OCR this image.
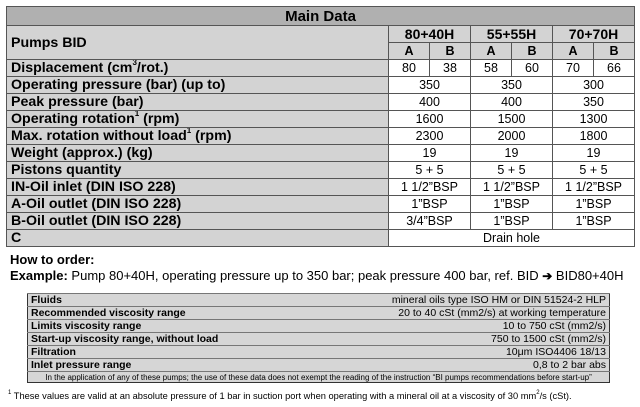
Main Data						
Pumps BID	80+40H		55+55H		70+70H	
	A	B	A	B	A	B
Displacement $(cm^3/rot.)$	80	38	58	60	70	66
Operating pressure (bar) (up to)	350		350		300	
Peak pressure (bar)	400		400		350	
Operating rotation$^1$ (rpm)	1600		1500		1300	
Max. rotation without load$^1$ (rpm)	2300		2000		1800	
Weight (approx.) (kg)	19		19		19	
Pistons quantity	5 + 5		5 + 5		5 + 5	
IN-Oil inlet (DIN ISO 228)	1 1/2”BSP		1 1/2”BSP		1 1/2”BSP	
A-Oil outlet (DIN ISO 228)	1”BSP		1”BSP		1”BSP	
B-Oil outlet (DIN ISO 228)	3/4”BSP		1”BSP		1”BSP	
C	Drain hole					
How to order:
Example: Pump 80+40H, operating pressure up to 350 bar; peak pressure 400 bar, ref. BID ➔ BID80+40H
Fluids	mineral oils type ISO HM or DIN 51524-2 HLP
Recommended viscosity range	20 to 40 cSt (mm2/s) at working temperature
Limits viscosity range	10 to 750 cSt (mm2/s)
Start-up viscosity range, without load	750 to 1500 cSt (mm2/s)
Filtration	10μm ISO4406 18/13
Inlet pressure range	0,8 to 2 bar abs
In the application of any of these pumps; the use of these data does not exempt the reading of the instruction “BI pumps recommendations before start-up”	
$^1$ These values are valid at an absolute pressure of 1 bar in suction port when operating with a mineral oil at a viscosity of 30 $mm^2/s$ (cSt).
